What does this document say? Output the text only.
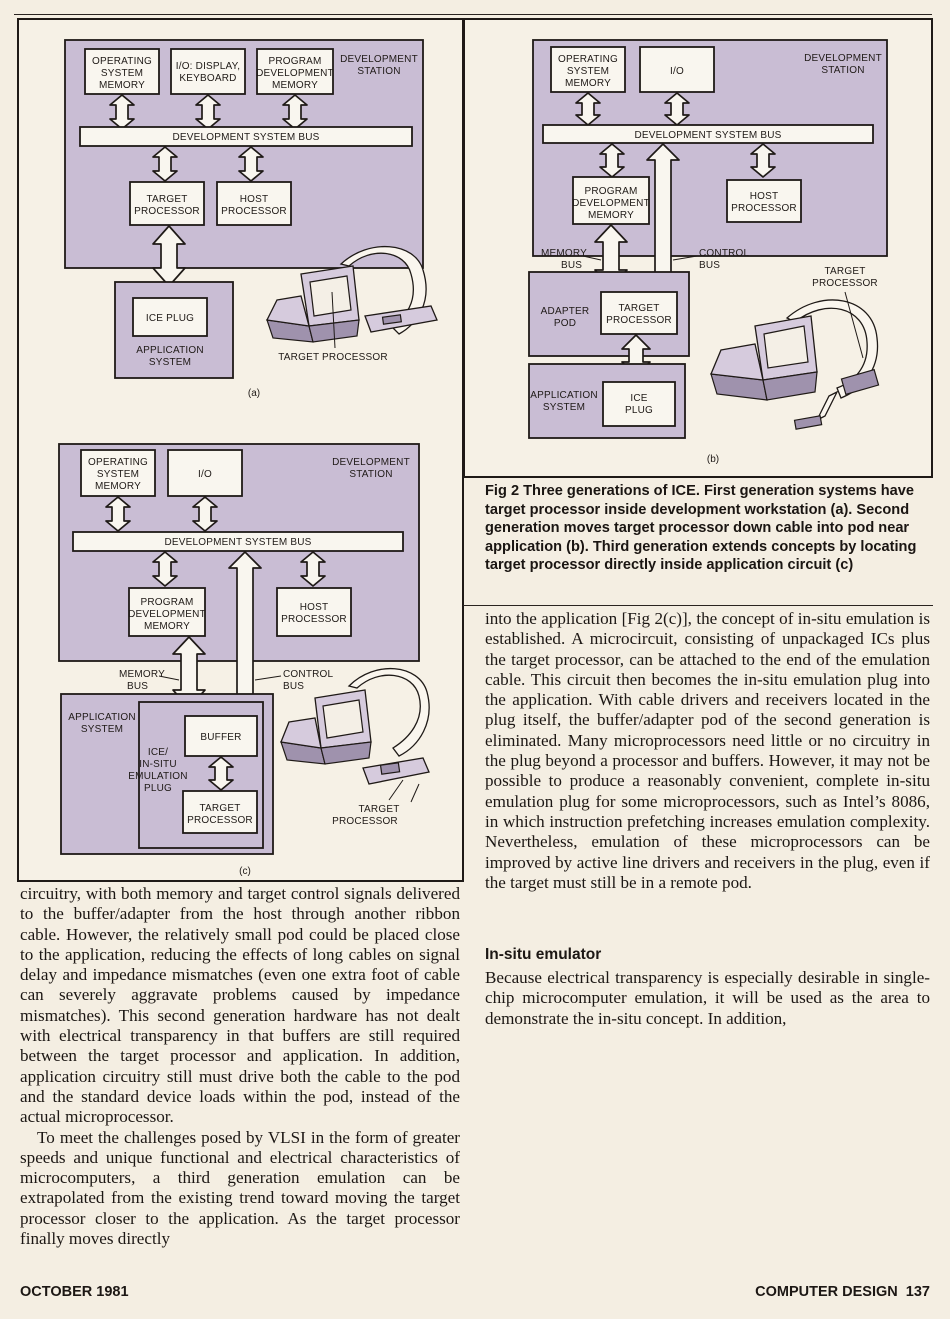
OPERATING SYSTEM MEMORY
I/O: DISPLAY, KEYBOARD
PROGRAM DEVELOPMENT MEMORY
DEVELOPMENT STATION
DEVELOPMENT SYSTEM BUS
TARGET PROCESSOR
HOST PROCESSOR
ICE PLUG
APPLICATION SYSTEM	TARGET PROCESSOR
(a)
OPERATING SYSTEM MEMORY
I/O
DEVELOPMENT STATION
DEVELOPMENT SYSTEM BUS
PROGRAM DEVELOPMENT MEMORY
HOST PROCESSOR
MEMORY BUS
CONTROL BUS
APPLICATION SYSTEM
BUFFER
ICE/ IN-SITU EMULATION PLUG
TARGET PROCESSOR
TARGET PROCESSOR
(c)
OPERATING SYSTEM MEMORY
I/O
DEVELOPMENT STATION
DEVELOPMENT SYSTEM BUS
PROGRAM DEVELOPMENT MEMORY
HOST PROCESSOR
MEMORY BUS
CONTROL BUS
ADAPTER POD
TARGET PROCESSOR
APPLICATION SYSTEM
ICE PLUG
TARGET PROCESSOR
(b)
Fig 2 Three generations of ICE. First generation systems have target processor inside development workstation (a). Second generation moves target processor down cable into pod near application (b). Third generation extends concepts by locating target processor directly inside application circuit (c)

circuitry, with both memory and target control signals delivered to the buffer/adapter from the host through another ribbon cable. However, the relatively small pod could be placed close to the application, reducing the effects of long cables on signal delay and impedance mismatches (even one extra foot of cable can severely aggravate problems caused by impedance mismatches). This second generation hardware has not dealt with electrical transparency in that buffers are still required between the target processor and application. In addition, application circuitry still must drive both the cable to the pod and the standard device loads within the pod, instead of the actual microprocessor.

To meet the challenges posed by VLSI in the form of greater speeds and unique functional and electrical characteristics of microcomputers, a third generation emulation can be extrapolated from the existing trend toward moving the target processor closer to the application. As the target processor finally moves directly

into the application [Fig 2(c)], the concept of in-situ emulation is established. A microcircuit, consisting of unpackaged ICs plus the target processor, can be attached to the end of the emulation cable. This circuit then becomes the in-situ emulation plug into the application. With cable drivers and receivers located in the plug itself, the buffer/adapter pod of the second generation is eliminated. Many microprocessors need little or no circuitry in the plug beyond a processor and buffers. However, it may not be possible to produce a reasonably convenient, complete in-situ emulation plug for some microprocessors, such as Intel’s 8086, in which instruction prefetching increases emulation complexity. Nevertheless, emulation of these microprocessors can be improved by active line drivers and receivers in the plug, even if the target must still be in a remote pod.

In-situ emulator

Because electrical transparency is especially desirable in single-chip microcomputer emulation, it will be used as the area to demonstrate the in-situ concept. In addition,

OCTOBER 1981	COMPUTER DESIGN  137
